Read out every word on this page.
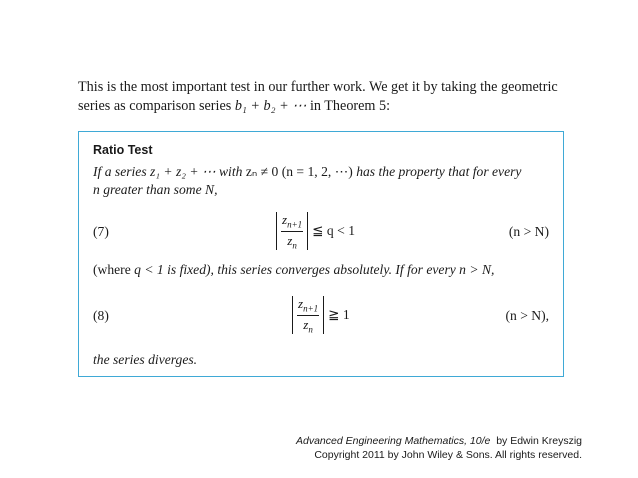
This is the most important test in our further work. We get it by taking the geometric
series as comparison series b₁ + b₂ + ⋯ in Theorem 5:
Ratio Test
If a series z₁ + z₂ + ⋯ with zₙ ≠ 0 (n = 1, 2, ⋯) has the property that for every
n greater than some N,
(7)	$\frac{z_{n+1}}{z_n}$ ≦ q < 1	(n > N)
(where q < 1 is fixed), this series converges absolutely. If for every n > N,
(8)	$\frac{z_{n+1}}{z_n}$ ≧ 1	(n > N),
the series diverges.
Advanced Engineering Mathematics, 10/e  by Edwin Kreyszig
Copyright 2011 by John Wiley & Sons. All rights reserved.
